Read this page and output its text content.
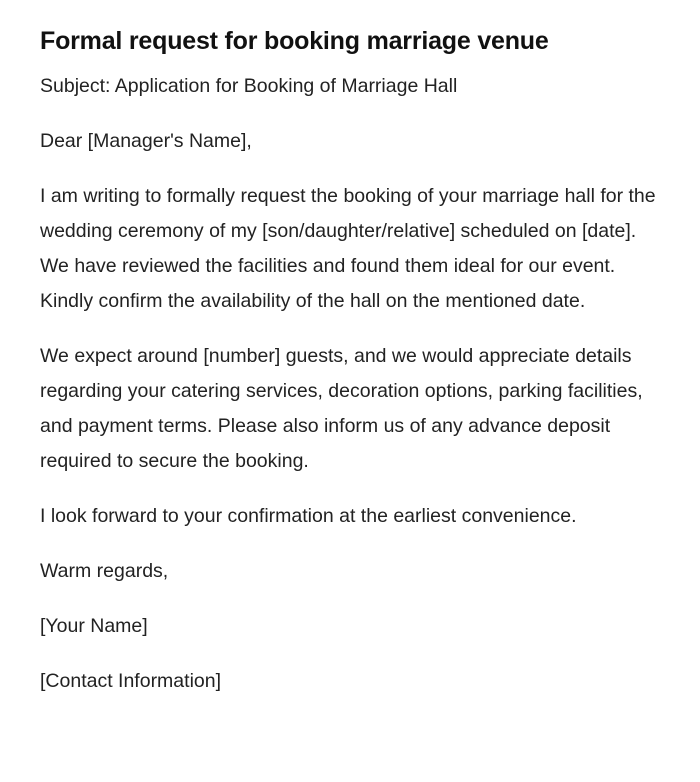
Formal request for booking marriage venue

Subject: Application for Booking of Marriage Hall

Dear [Manager's Name],

I am writing to formally request the booking of your marriage hall for the wedding ceremony of my [son/daughter/relative] scheduled on [date]. We have reviewed the facilities and found them ideal for our event. Kindly confirm the availability of the hall on the mentioned date.

We expect around [number] guests, and we would appreciate details regarding your catering services, decoration options, parking facilities, and payment terms. Please also inform us of any advance deposit required to secure the booking.

I look forward to your confirmation at the earliest convenience.

Warm regards,

[Your Name]

[Contact Information]
